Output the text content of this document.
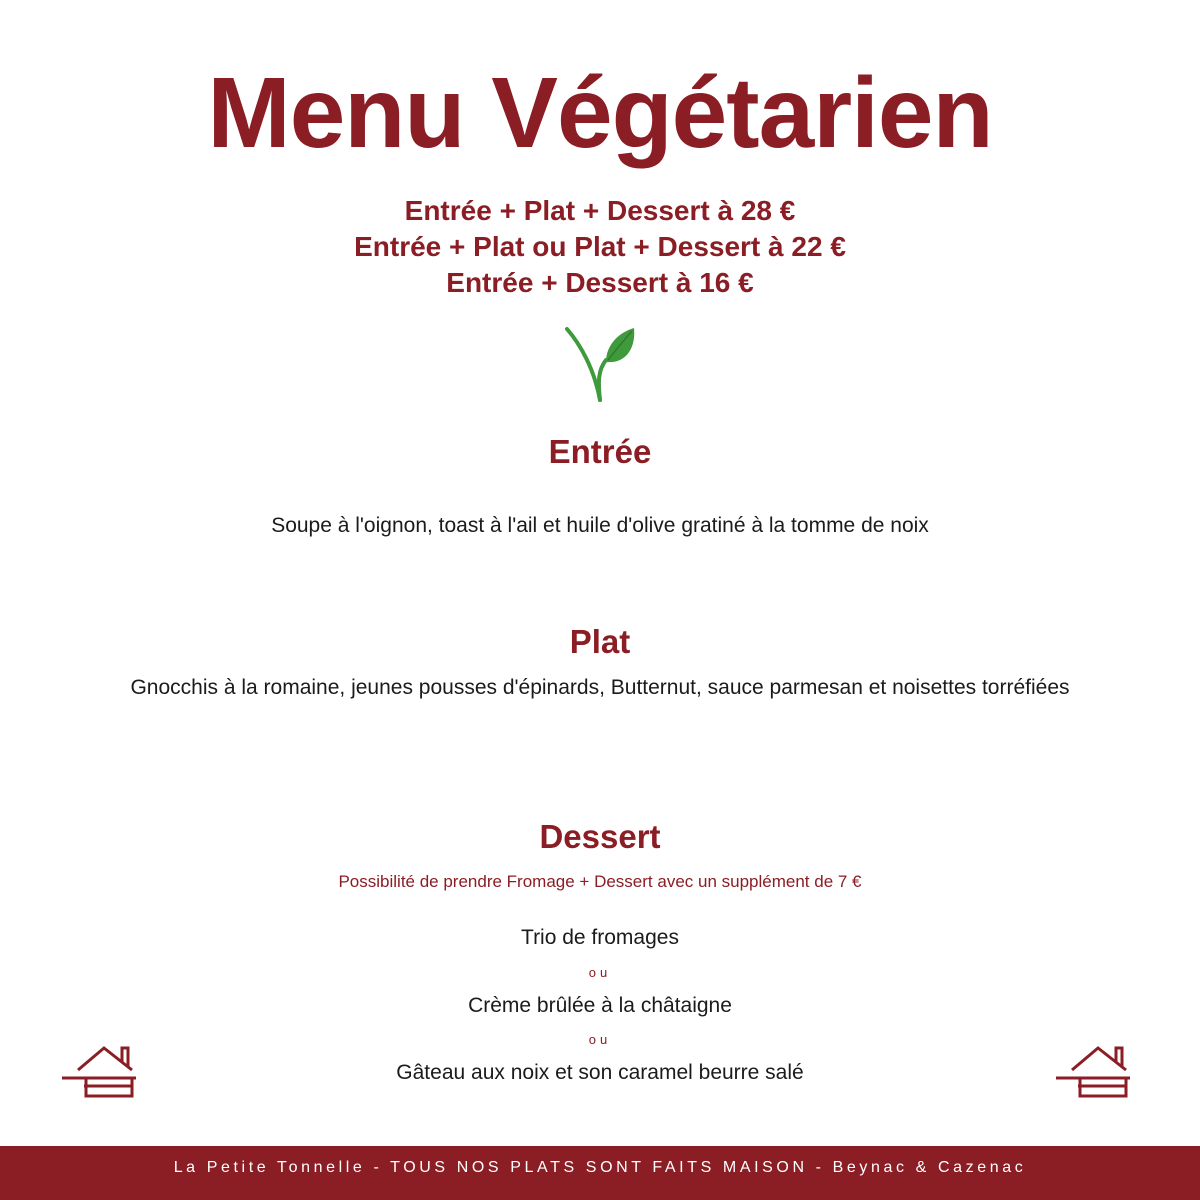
Menu Végétarien
Entrée + Plat + Dessert à 28 €
Entrée + Plat ou Plat + Dessert à 22 €
Entrée + Dessert à 16 €
Entrée
Soupe à l'oignon, toast à l'ail et huile d'olive gratiné à la tomme de noix
Plat
Gnocchis à la romaine, jeunes pousses d'épinards, Butternut, sauce parmesan et noisettes torréfiées
Dessert
Possibilité de prendre Fromage + Dessert avec un supplément de 7 €
Trio de fromages
ou
Crème brûlée à la châtaigne
ou
Gâteau aux noix et son caramel beurre salé
La Petite Tonnelle - TOUS NOS PLATS SONT FAITS MAISON - Beynac & Cazenac
